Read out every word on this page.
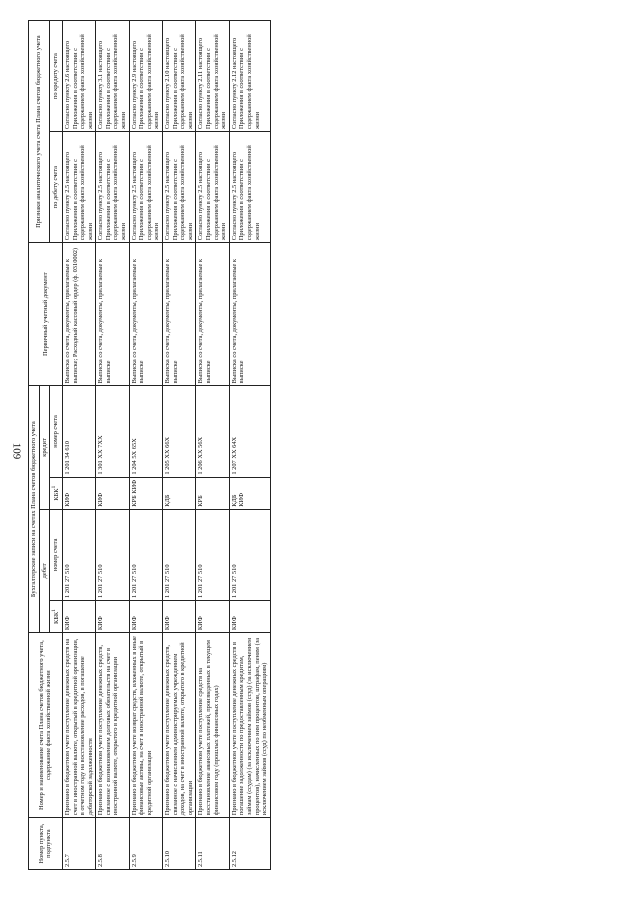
109
Номер пункта, подпункта	Номер и наименование счета Плана счетов бюджетного учета, содержание факта хозяйственной жизни	Бухгалтерские записи на счетах Плана счетов бюджетного учета				Первичный учетный документ	Признаки аналитического учета счета Плана счетов бюджетного учета	
		дебет		кредит				
		КБК$^1$	номер счета	КБК$^1$	номер счета		по дебету счета	по кредиту счета
2.5.7	Признано в бюджетном учете поступление денежных средств на счет в иностранной валюте, открытый в кредитной организации, в отчетном году на восстановление расходов, в погашение дебиторской задолженности	КИФ	1 201 27 510	КИФ	1 201 34 610	Выписка со счета, документы, прилагаемые к выписке; Расходный кассовый ордер (ф. 0310002)	Согласно пункту 2.5 настоящего Приложения в соответствии с содержанием факта хозяйственной жизни	Согласно пункту 2.6 настоящего Приложения в соответствии с содержанием факта хозяйственной жизни
2.5.8	Признано в бюджетном учете поступление денежных средств, связанное с возникновением долговых обязательств на счет в иностранной валюте, открытого в кредитной организации	КИФ	1 201 27 510	КИФ	1 301 XX 7XX	Выписка со счета, документы, прилагаемые к выписке	Согласно пункту 2.5 настоящего Приложения в соответствии с содержанием факта хозяйственной жизни	Согласно пункту 3.1 настоящего Приложения в соответствии с содержанием факта хозяйственной жизни
2.5.9	Признано в бюджетном учете возврат средств, вложенных в иные финансовые активы, на счет в иностранной валюте, открытый в кредитной организации	КИФ	1 201 27 510	КРБ КИФ	1 204 5X 65X	Выписка со счета, документы, прилагаемые к выписке	Согласно пункту 2.5 настоящего Приложения в соответствии с содержанием факта хозяйственной жизни	Согласно пункту 2.9 настоящего Приложения в соответствии с содержанием факта хозяйственной жизни
2.5.10	Признано в бюджетном учете поступление денежных средств, связанное с начислением администрируемых учреждением доходов, на счет в иностранной валюте, открытого в кредитной организации	КИФ	1 201 27 510	КДБ	1 205 XX 66X	Выписка со счета, документы, прилагаемые к выписке	Согласно пункту 2.5 настоящего Приложения в соответствии с содержанием факта хозяйственной жизни	Согласно пункту 2.10 настоящего Приложения в соответствии с содержанием факта хозяйственной жизни
2.5.11	Признано в бюджетном учете поступление средств на восстановление авансовых платежей, произведенных в текущем финансовом году (прошлых финансовых годах)	КИФ	1 201 27 510	КРБ	1 206 XX 56X	Выписка со счета, документы, прилагаемые к выписке	Согласно пункту 2.5 настоящего Приложения в соответствии с содержанием факта хозяйственной жизни	Согласно пункту 2.11 настоящего Приложения в соответствии с содержанием факта хозяйственной жизни
2.5.12	Признано в бюджетном учете поступление денежных средств в погашение задолженности по предоставленным кредитам, займам (ссудам) (за исключением займов (ссуд) (за исключением процентов), начисленных по ним процентов, штрафам, пеням (за исключением займов (ссуд) по необменным операциям)	КИФ	1 201 27 510	КДБ КИФ	1 207 XX 64X	Выписка со счета, документы, прилагаемые к выписке	Согласно пункту 2.5 настоящего Приложения в соответствии с содержанием факта хозяйственной жизни	Согласно пункту 2.12 настоящего Приложения в соответствии с содержанием факта хозяйственной жизни
